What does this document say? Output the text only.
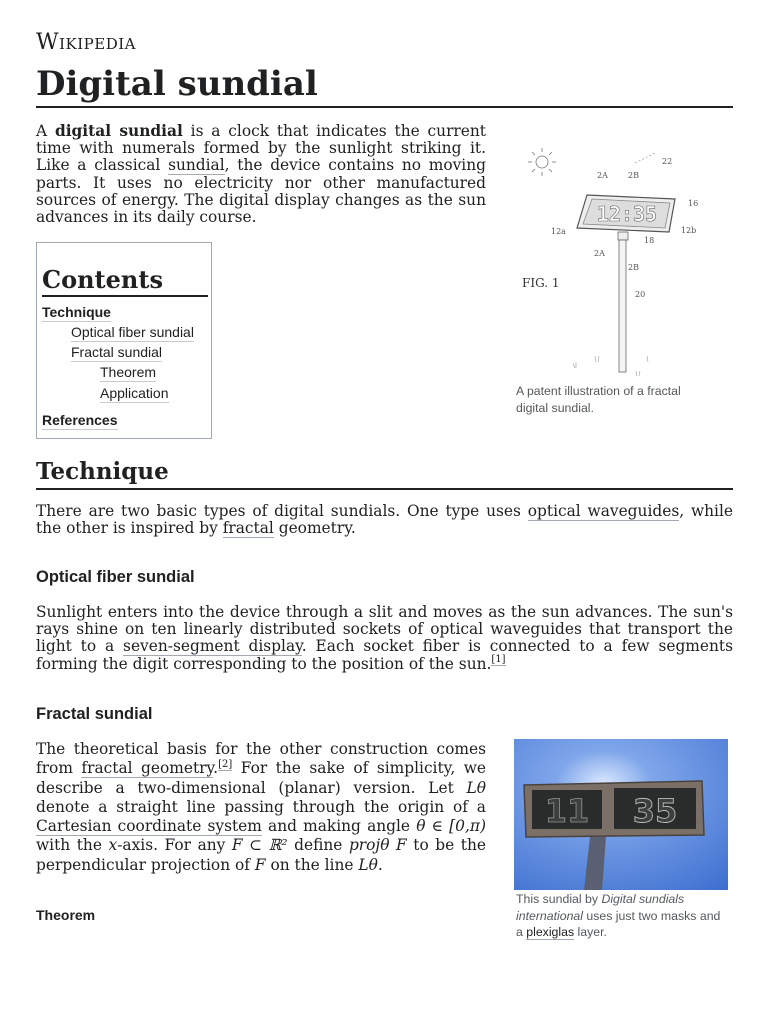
Wikipedia
Digital sundial

A digital sundial is a clock that indicates the current time with numerals formed by the sunlight striking it. Like a classical sundial, the device contains no moving parts. It uses no electricity nor other manufactured sources of energy. The digital display changes as the sun advances in its daily course.

Contents
Technique
Optical fiber sundial
Fractal sundial
Theorem
Application
References
12:35
22
2A	2B
16
12a	12b
18
2A
2B
20
FIG. 1
A patent illustration of a fractal digital sundial.
Technique

There are two basic types of digital sundials. One type uses optical waveguides, while the other is inspired by fractal geometry.

Optical fiber sundial

Sunlight enters into the device through a slit and moves as the sun advances. The sun's rays shine on ten linearly distributed sockets of optical waveguides that transport the light to a seven-segment display. Each socket fiber is connected to a few segments forming the digit corresponding to the position of the sun.[1]

Fractal sundial

The theoretical basis for the other construction comes from fractal geometry.[2] For the sake of simplicity, we describe a two-dimensional (planar) version. Let Lθ denote a straight line passing through the origin of a Cartesian coordinate system and making angle θ ∈ [0,π) with the x-axis. For any F ⊂ ℝ² define projθ F to be the perpendicular projection of F on the line Lθ.

Theorem
11 35
This sundial by Digital sundials international uses just two masks and a plexiglas layer.
